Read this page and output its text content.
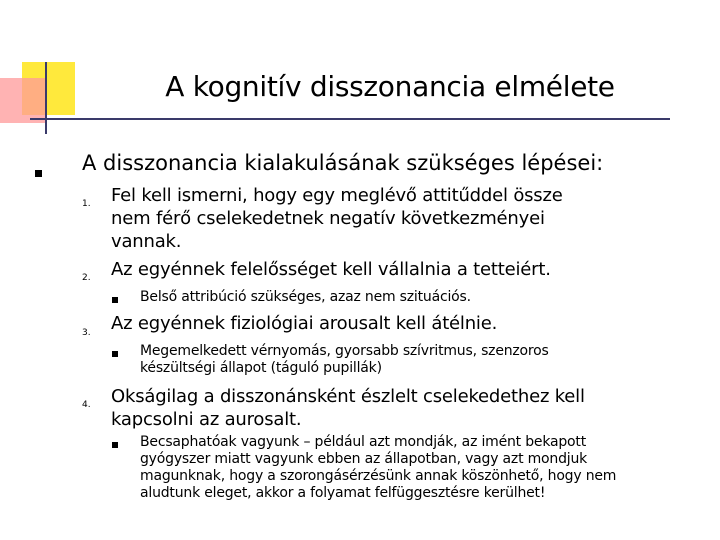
A kognitív disszonancia elmélete
A disszonancia kialakulásának szükséges lépései:
1. Fel kell ismerni, hogy egy meglévő attitűddel össze
nem férő cselekedetnek negatív következményei
vannak.
2. Az egyénnek felelősséget kell vállalnia a tetteiért.
Belső attribúció szükséges, azaz nem szituációs.
3. Az egyénnek fiziológiai arousalt kell átélnie.
Megemelkedett vérnyomás, gyorsabb szívritmus, szenzoros
készültségi állapot (táguló pupillák)
4. Okságilag a disszonánsként észlelt cselekedethez kell
kapcsolni az aurosalt.
Becsaphatóak vagyunk – például azt mondják, az imént bekapott
gyógyszer miatt vagyunk ebben az állapotban, vagy azt mondjuk
magunknak, hogy a szorongásérzésünk annak köszönhető, hogy nem
aludtunk eleget, akkor a folyamat felfüggesztésre kerülhet!
